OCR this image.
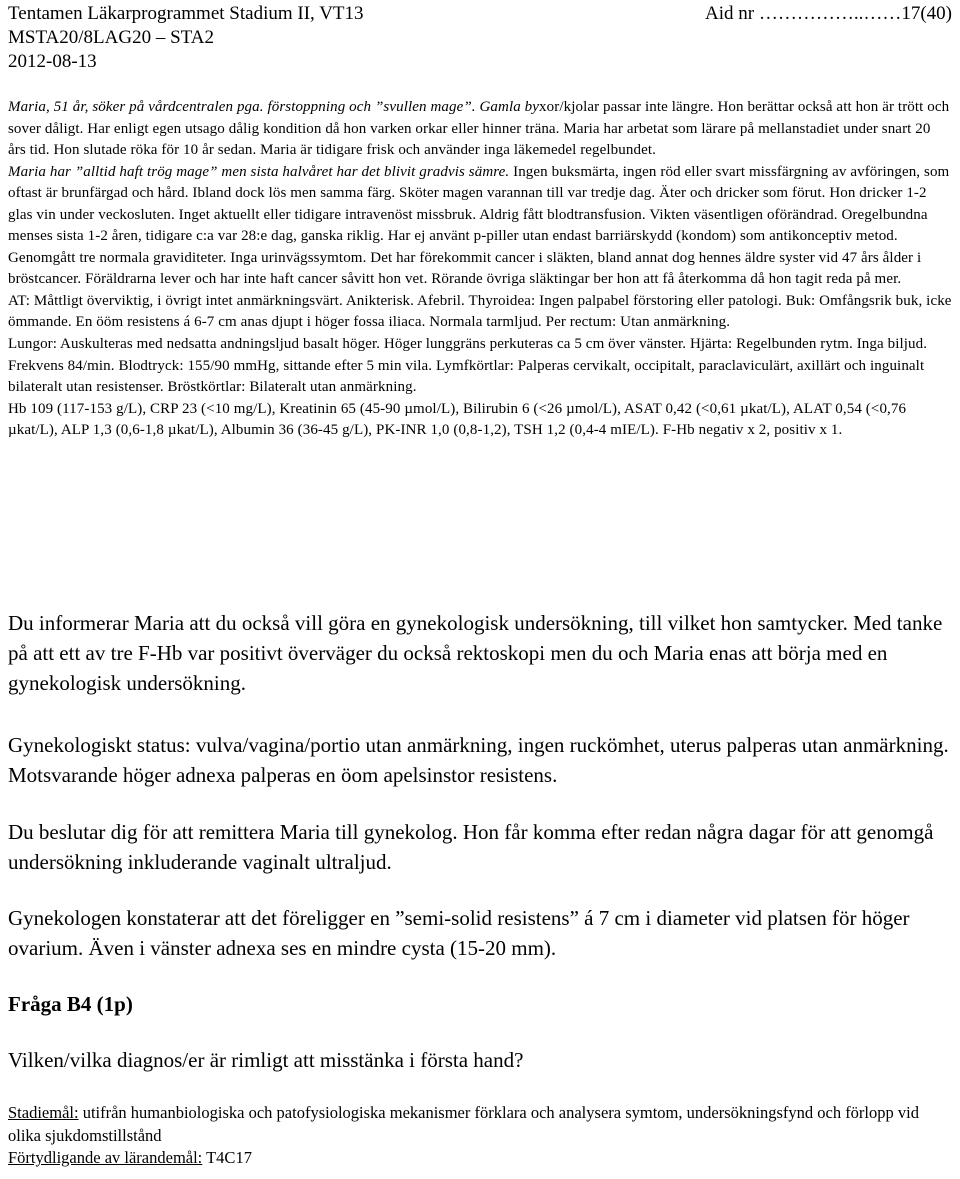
Tentamen Läkarprogrammet Stadium II, VT13	Aid nr ……………..……17(40)
MSTA20/8LAG20 – STA2
2012-08-13

Maria, 51 år, söker på vårdcentralen pga. förstoppning och ”svullen mage”. Gamla byxor/kjolar passar inte längre. Hon berättar också att hon är trött och sover dåligt. Har enligt egen utsago dålig kondition då hon varken orkar eller hinner träna. Maria har arbetat som lärare på mellanstadiet under snart 20 års tid. Hon slutade röka för 10 år sedan. Maria är tidigare frisk och använder inga läkemedel regelbundet.

Maria har ”alltid haft trög mage” men sista halvåret har det blivit gradvis sämre. Ingen buksmärta, ingen röd eller svart missfärgning av avföringen, som oftast är brunfärgad och hård. Ibland dock lös men samma färg. Sköter magen varannan till var tredje dag. Äter och dricker som förut. Hon dricker 1-2 glas vin under veckosluten. Inget aktuellt eller tidigare intravenöst missbruk. Aldrig fått blodtransfusion. Vikten väsentligen oförändrad. Oregelbundna menses sista 1-2 åren, tidigare c:a var 28:e dag, ganska riklig. Har ej använt p-piller utan endast barriärskydd (kondom) som antikonceptiv metod. Genomgått tre normala graviditeter. Inga urinvägssymtom. Det har förekommit cancer i släkten, bland annat dog hennes äldre syster vid 47 års ålder i bröstcancer. Föräldrarna lever och har inte haft cancer såvitt hon vet. Rörande övriga släktingar ber hon att få återkomma då hon tagit reda på mer.

AT: Måttligt överviktig, i övrigt intet anmärkningsvärt. Anikterisk. Afebril. Thyroidea: Ingen palpabel förstoring eller patologi. Buk: Omfångsrik buk, icke ömmande. En ööm resistens á 6-7 cm anas djupt i höger fossa iliaca. Normala tarmljud. Per rectum: Utan anmärkning.

Lungor: Auskulteras med nedsatta andningsljud basalt höger. Höger lunggräns perkuteras ca 5 cm över vänster. Hjärta: Regelbunden rytm. Inga biljud. Frekvens 84/min. Blodtryck: 155/90 mmHg, sittande efter 5 min vila. Lymfkörtlar: Palperas cervikalt, occipitalt, paraclaviculärt, axillärt och inguinalt bilateralt utan resistenser. Bröstkörtlar: Bilateralt utan anmärkning.

Hb 109 (117-153 g/L), CRP 23 (<10 mg/L), Kreatinin 65 (45-90 µmol/L), Bilirubin 6 (<26 µmol/L), ASAT 0,42 (<0,61 µkat/L), ALAT 0,54 (<0,76 µkat/L), ALP 1,3 (0,6-1,8 µkat/L), Albumin 36 (36-45 g/L), PK-INR 1,0 (0,8-1,2), TSH 1,2 (0,4-4 mIE/L). F-Hb negativ x 2, positiv x 1.

Du informerar Maria att du också vill göra en gynekologisk undersökning, till vilket hon samtycker. Med tanke på att ett av tre F-Hb var positivt överväger du också rektoskopi men du och Maria enas att börja med en gynekologisk undersökning.

Gynekologiskt status: vulva/vagina/portio utan anmärkning, ingen ruckömhet, uterus palperas utan anmärkning. Motsvarande höger adnexa palperas en öom apelsinstor resistens.

Du beslutar dig för att remittera Maria till gynekolog. Hon får komma efter redan några dagar för att genomgå undersökning inkluderande vaginalt ultraljud.

Gynekologen konstaterar att det föreligger en ”semi-solid resistens” á 7 cm i diameter vid platsen för höger ovarium. Även i vänster adnexa ses en mindre cysta (15-20 mm).

Fråga B4 (1p)
Vilken/vilka diagnos/er är rimligt att misstänka i första hand?

Stadiemål: utifrån humanbiologiska och patofysiologiska mekanismer förklara och analysera symtom, undersökningsfynd och förlopp vid olika sjukdomstillstånd

Förtydligande av lärandemål: T4C17
